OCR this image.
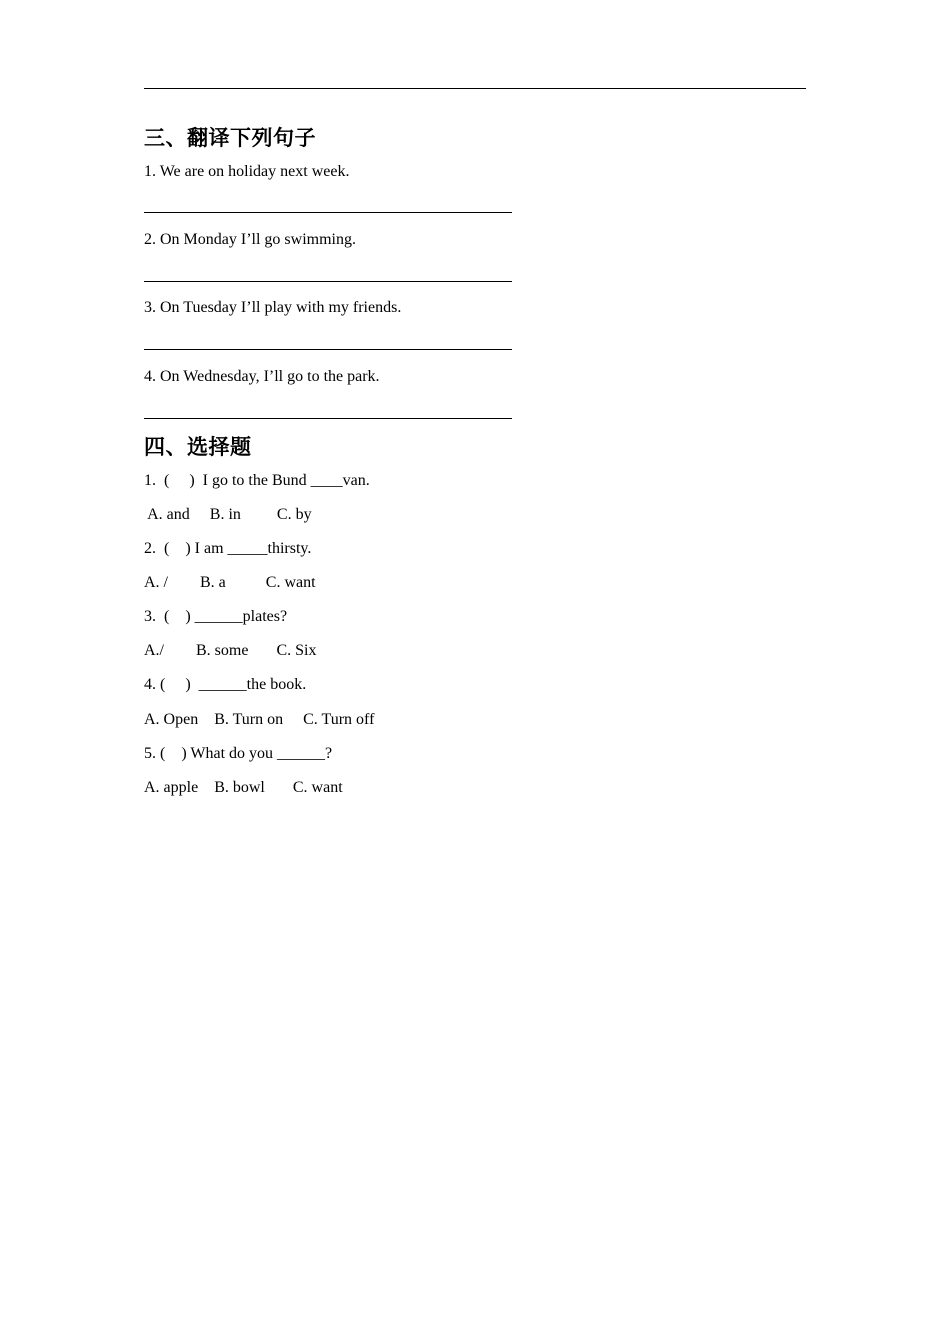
三、翻译下列句子
1. We are on holiday next week.
2. On Monday I’ll go swimming.
3. On Tuesday I’ll play with my friends.
4. On Wednesday, I’ll go to the park.
四、选择题
1.  (     )  I go to the Bund ____van.
A. and     B. in         C. by
2.  (    ) I am _____thirsty.
A. /        B. a          C. want
3.  (    ) ______plates?
A./        B. some       C. Six
4. (     )  ______the book.
A. Open    B. Turn on     C. Turn off
5. (    ) What do you ______?
A. apple    B. bowl       C. want
